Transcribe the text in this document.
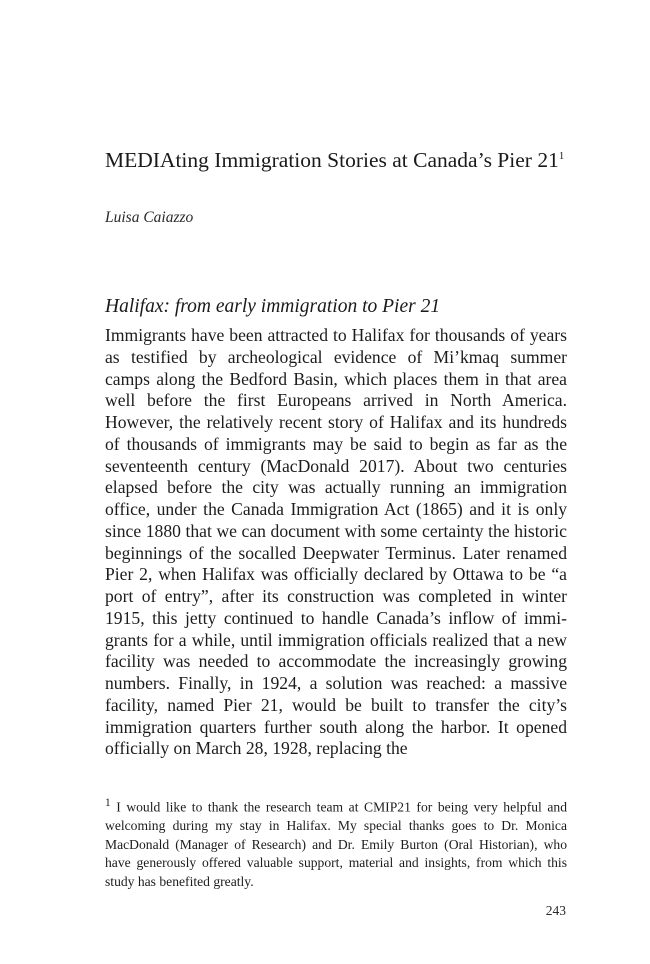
MEDIAting Immigration Stories at Canada’s Pier $21^1$
Luisa Caiazzo
Halifax: from early immigration to Pier 21

Immigrants have been attracted to Halifax for thousands of years as testified by archeological evidence of Mi’kmaq summer camps along the Bedford Basin, which places them in that area well before the first Europeans arrived in North America. However, the relatively recent story of Halifax and its hundreds of thousands of immigrants may be said to begin as far as the seventeenth century (MacDonald 2017). About two centuries elapsed before the city was actually running an immigration office, under the Canada Immigration Act (1865) and it is only since 1880 that we can document with some certainty the historic beginnings of the socalled Deepwater Terminus. Later renamed Pier 2, when Halifax was officially declared by Ottawa to be “a port of entry”, after its construction was completed in winter 1915, this jetty continued to handle Canada’s inflow of immigrants for a while, until immigration officials realized that a new facility was needed to accommodate the increasingly growing numbers. Finally, in 1924, a solution was reached: a massive facility, named Pier 21, would be built to transfer the city’s immigration quarters further south along the harbor. It opened officially on March 28, 1928, replacing the

$^1$ I would like to thank the research team at CMIP21 for being very helpful and welcoming during my stay in Halifax. My special thanks goes to Dr. Monica MacDonald (Manager of Research) and Dr. Emily Burton (Oral Historian), who have generously offered valuable support, material and insights, from which this study has benefited greatly.

243
